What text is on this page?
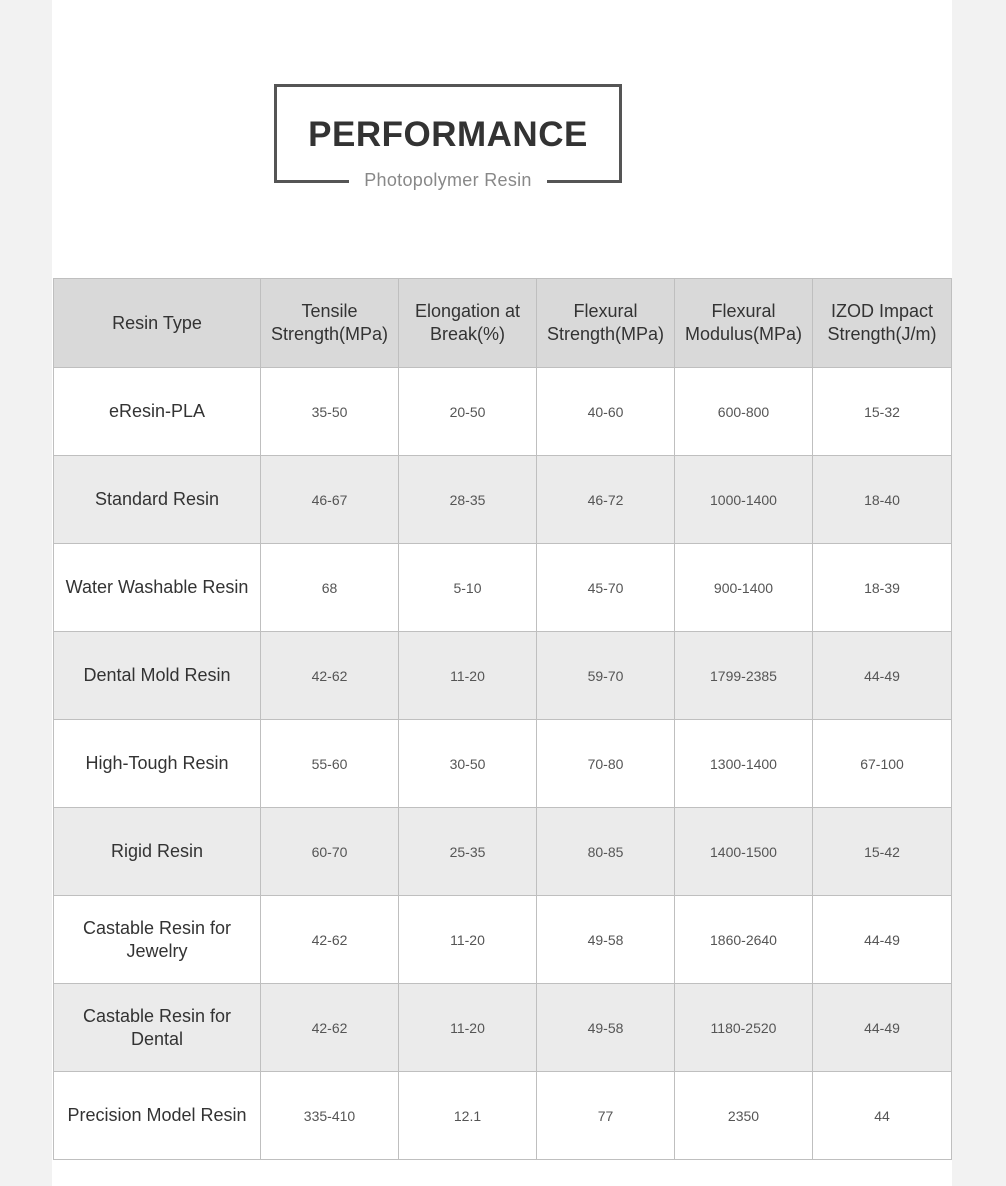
PERFORMANCE
Photopolymer Resin
Resin Type	Tensile Strength(MPa)	Elongation at Break(%)	Flexural Strength(MPa)	Flexural Modulus(MPa)	IZOD Impact Strength(J/m)
eResin-PLA	35-50	20-50	40-60	600-800	15-32
Standard Resin	46-67	28-35	46-72	1000-1400	18-40
Water Washable Resin	68	5-10	45-70	900-1400	18-39
Dental Mold Resin	42-62	11-20	59-70	1799-2385	44-49
High-Tough Resin	55-60	30-50	70-80	1300-1400	67-100
Rigid Resin	60-70	25-35	80-85	1400-1500	15-42
Castable Resin for Jewelry	42-62	11-20	49-58	1860-2640	44-49
Castable Resin for Dental	42-62	11-20	49-58	1180-2520	44-49
Precision Model Resin	335-410	12.1	77	2350	44
